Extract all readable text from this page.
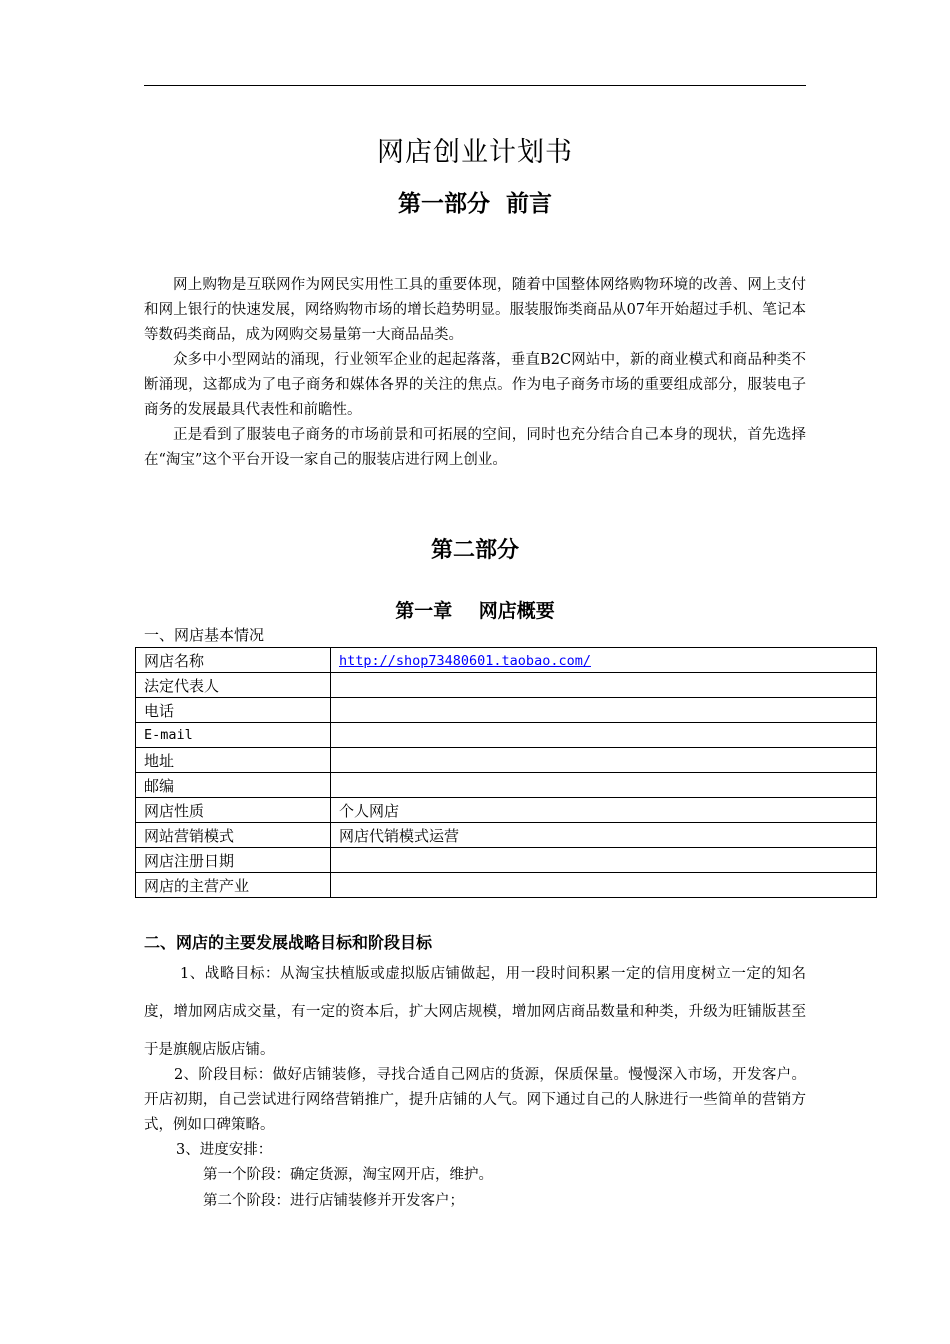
网店创业计划书
第一部分  前言

网上购物是互联网作为网民实用性工具的重要体现，随着中国整体网络购物环境的改善、网上支付和网上银行的快速发展，网络购物市场的增长趋势明显。服装服饰类商品从07年开始超过手机、笔记本等数码类商品，成为网购交易量第一大商品品类。

众多中小型网站的涌现，行业领军企业的起起落落，垂直B2C网站中，新的商业模式和商品种类不断涌现，这都成为了电子商务和媒体各界的关注的焦点。作为电子商务市场的重要组成部分，服装电子商务的发展最具代表性和前瞻性。

正是看到了服装电子商务的市场前景和可拓展的空间，同时也充分结合自己本身的现状，首先选择在“淘宝”这个平台开设一家自己的服装店进行网上创业。

第二部分
第一章    网店概要
一、网店基本情况
网店名称	http://shop73480601.taobao.com/
法定代表人	
电话	
E-mail	
地址	
邮编	
网店性质	个人网店
网站营销模式	网店代销模式运营
网店注册日期	
网店的主营产业	
二、网店的主要发展战略目标和阶段目标

1、战略目标：从淘宝扶植版或虚拟版店铺做起，用一段时间积累一定的信用度树立一定的知名度，增加网店成交量，有一定的资本后，扩大网店规模，增加网店商品数量和种类，升级为旺铺版甚至于是旗舰店版店铺。

2、阶段目标：做好店铺装修，寻找合适自己网店的货源，保质保量。慢慢深入市场，开发客户。开店初期，自己尝试进行网络营销推广，提升店铺的人气。网下通过自己的人脉进行一些简单的营销方式，例如口碑策略。

3、进度安排：
第一个阶段：确定货源，淘宝网开店，维护。
第二个阶段：进行店铺装修并开发客户；
